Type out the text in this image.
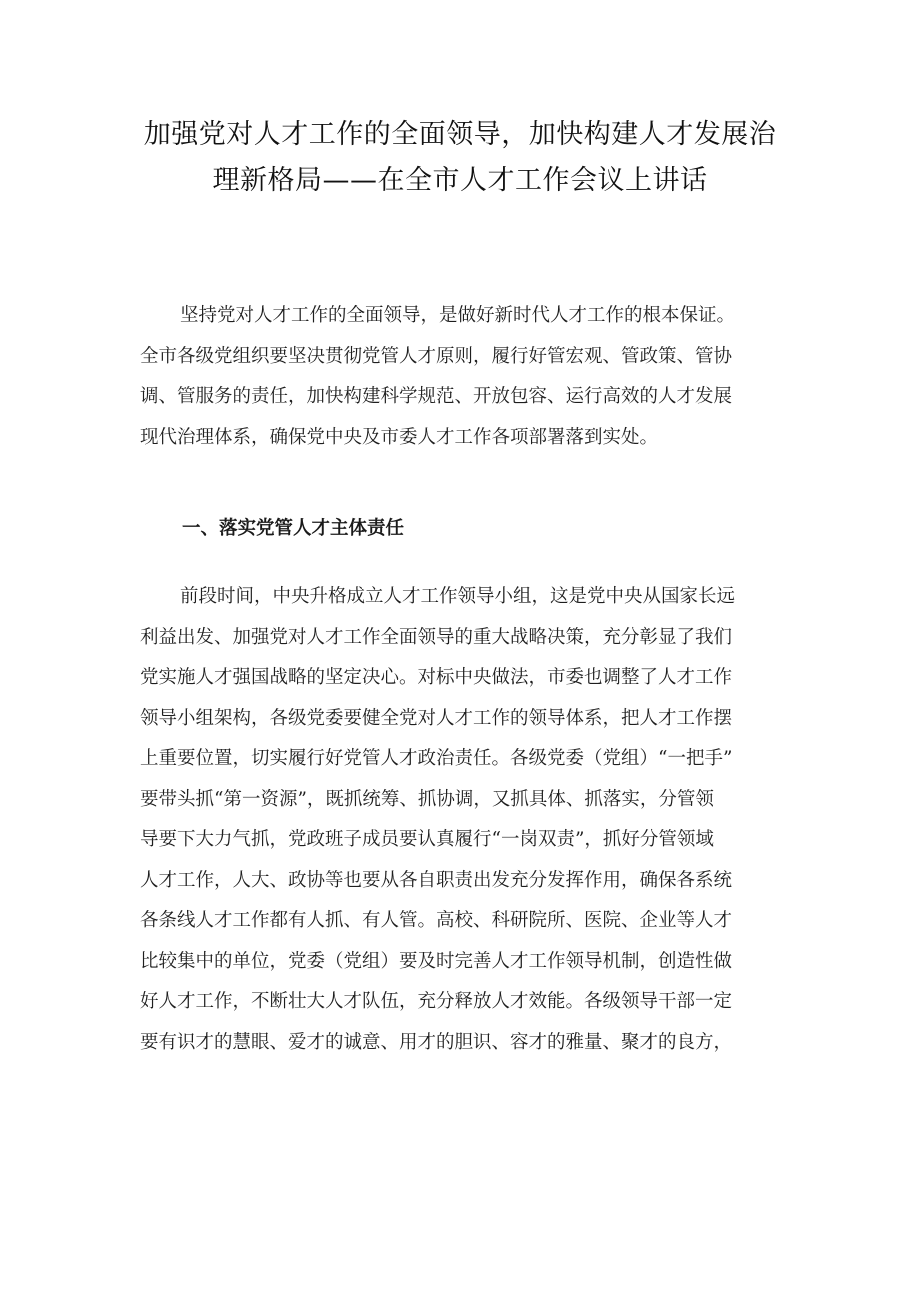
加强党对人才工作的全面领导，加快构建人才发展治
理新格局——在全市人才工作会议上讲话
坚持党对人才工作的全面领导，是做好新时代人才工作的根本保证。
全市各级党组织要坚决贯彻党管人才原则，履行好管宏观、管政策、管协
调、管服务的责任，加快构建科学规范、开放包容、运行高效的人才发展
现代治理体系，确保党中央及市委人才工作各项部署落到实处。
一、落实党管人才主体责任
前段时间，中央升格成立人才工作领导小组，这是党中央从国家长远
利益出发、加强党对人才工作全面领导的重大战略决策，充分彰显了我们
党实施人才强国战略的坚定决心。对标中央做法，市委也调整了人才工作
领导小组架构，各级党委要健全党对人才工作的领导体系，把人才工作摆
上重要位置，切实履行好党管人才政治责任。各级党委（党组）“一把手”
要带头抓“第一资源”，既抓统筹、抓协调，又抓具体、抓落实，分管领
导要下大力气抓，党政班子成员要认真履行“一岗双责”，抓好分管领域
人才工作，人大、政协等也要从各自职责出发充分发挥作用，确保各系统
各条线人才工作都有人抓、有人管。高校、科研院所、医院、企业等人才
比较集中的单位，党委（党组）要及时完善人才工作领导机制，创造性做
好人才工作，不断壮大人才队伍，充分释放人才效能。各级领导干部一定
要有识才的慧眼、爱才的诚意、用才的胆识、容才的雅量、聚才的良方，
